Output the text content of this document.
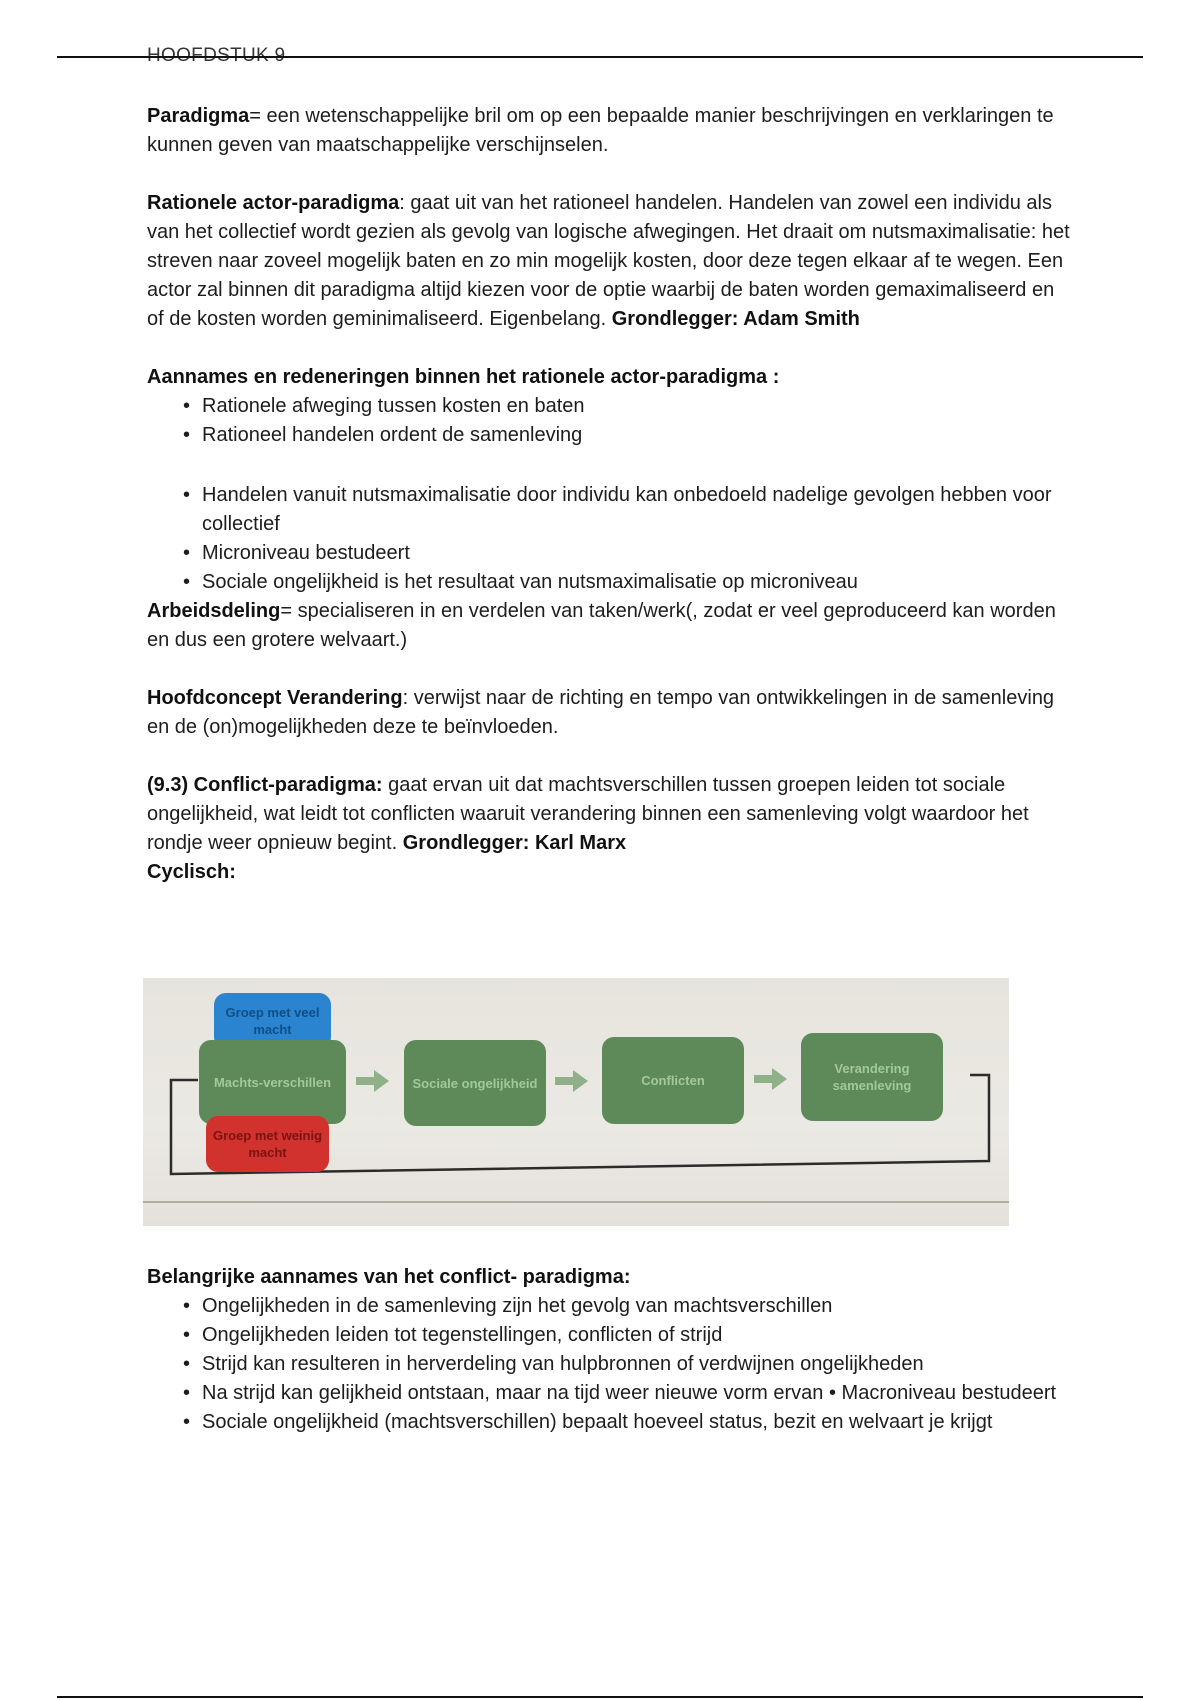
HOOFDSTUK 9

Paradigma= een wetenschappelijke bril om op een bepaalde manier beschrijvingen en verklaringen te kunnen geven van maatschappelijke verschijnselen.

Rationele actor-paradigma: gaat uit van het rationeel handelen. Handelen van zowel een individu als van het collectief wordt gezien als gevolg van logische afwegingen. Het draait om nutsmaximalisatie: het streven naar zoveel mogelijk baten en zo min mogelijk kosten, door deze tegen elkaar af te wegen. Een actor zal binnen dit paradigma altijd kiezen voor de optie waarbij de baten worden gemaximaliseerd en of de kosten worden geminimaliseerd. Eigenbelang. Grondlegger: Adam Smith

Aannames en redeneringen binnen het rationele actor-paradigma :

• Rationele afweging tussen kosten en baten
• Rationeel handelen ordent de samenleving
• Handelen vanuit nutsmaximalisatie door individu kan onbedoeld nadelige gevolgen hebben voor collectief
• Microniveau bestudeert
• Sociale ongelijkheid is het resultaat van nutsmaximalisatie op microniveau

Arbeidsdeling= specialiseren in en verdelen van taken/werk(, zodat er veel geproduceerd kan worden en dus een grotere welvaart.)

Hoofdconcept Verandering: verwijst naar de richting en tempo van ontwikkelingen in de samenleving en de (on)mogelijkheden deze te beïnvloeden.

(9.3) Conflict-paradigma: gaat ervan uit dat machtsverschillen tussen groepen leiden tot sociale ongelijkheid, wat leidt tot conflicten waaruit verandering binnen een samenleving volgt waardoor het rondje weer opnieuw begint. Grondlegger: Karl Marx
Cyclisch:

Groep met veel macht
Machts-verschillen
Groep met weinig macht
Sociale ongelijkheid	Conflicten
Verandering samenleving

Belangrijke aannames van het conflict- paradigma:

• Ongelijkheden in de samenleving zijn het gevolg van machtsverschillen
• Ongelijkheden leiden tot tegenstellingen, conflicten of strijd
• Strijd kan resulteren in herverdeling van hulpbronnen of verdwijnen ongelijkheden
• Na strijd kan gelijkheid ontstaan, maar na tijd weer nieuwe vorm ervan • Macroniveau bestudeert
• Sociale ongelijkheid (machtsverschillen) bepaalt hoeveel status, bezit en welvaart je krijgt
